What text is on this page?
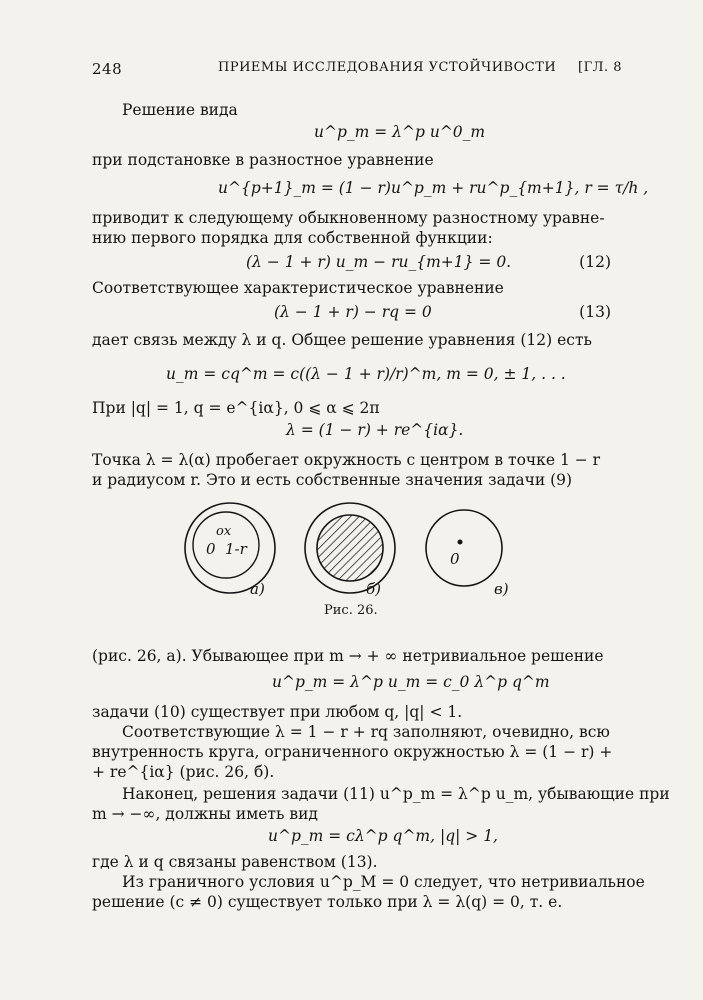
248	ПРИЕМЫ ИССЛЕДОВАНИЯ УСТОЙЧИВОСТИ [ГЛ. 8
Решение вида
u^p_m = λ^p u^0_m
при подстановке в разностное уравнение
u^{p+1}_m = (1 − r)u^p_m + ru^p_{m+1}, r = τ/h ,
приводит к следующему обыкновенному разностному уравне-
нию первого порядка для собственной функции:
(λ − 1 + r) u_m − ru_{m+1} = 0.	(12)
Соответствующее характеристическое уравнение
(λ − 1 + r) − rq = 0	(13)
дает связь между λ и q. Общее решение уравнения (12) есть
u_m = cq^m = c((λ − 1 + r)/r)^m, m = 0, ± 1, . . .
При |q| = 1, q = e^{iα}, 0 ⩽ α ⩽ 2π
λ = (1 − r) + re^{iα}.
Точка λ = λ(α) пробегает окружность с центром в точке 1 − r
и радиусом r. Это и есть собственные значения задачи (9)
ох
0 1-r
а)	б)
0
в)
Рис. 26.
(рис. 26, а). Убывающее при m → + ∞ нетривиальное решение
u^p_m = λ^p u_m = c_0 λ^p q^m
задачи (10) существует при любом q, |q| < 1.
Соответствующие λ = 1 − r + rq заполняют, очевидно, всю
внутренность круга, ограниченного окружностью λ = (1 − r) +
+ re^{iα} (рис. 26, б).
Наконец, решения задачи (11) u^p_m = λ^p u_m, убывающие при
m → −∞, должны иметь вид
u^p_m = cλ^p q^m, |q| > 1,
где λ и q связаны равенством (13).
Из граничного условия u^p_M = 0 следует, что нетривиальное
решение (c ≠ 0) существует только при λ = λ(q) = 0, т. е.
